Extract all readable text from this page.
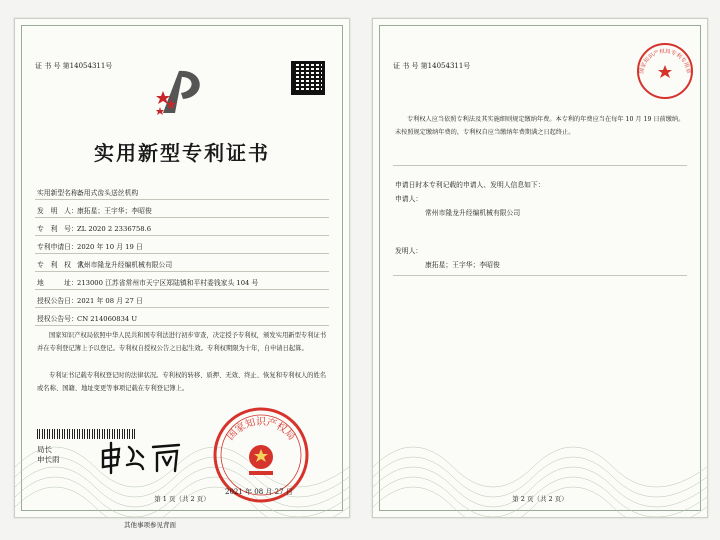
证 书 号 第14054311号
实用新型专利证书
实用新型名称：备用式齿头送丝机构
发　明　人：康拓星；王宇华；李昭俊
专　利　号：ZL 2020 2 2336758.6
专利申请日：2020 年 10 月 19 日
专　利　权　人：常州市隆龙升经编机械有限公司
地　　　址：213000 江苏省常州市天宁区郑陆镇和平村委钱家头 104 号
授权公告日：2021 年 08 月 27 日
授权公告号：CN 214060834 U
国家知识产权局依照中华人民共和国专利法进行初步审查，决定授予专利权，颁发实用新型专利证书并在专利登记簿上予以登记。专利权自授权公告之日起生效。专利权期限为十年，自申请日起算。
专利证书记载专利权登记时的法律状况。专利权的转移、质押、无效、终止、恢复和专利权人的姓名或名称、国籍、地址变更等事项记载在专利登记簿上。
局长
申长雨
国家知识产权局
2021 年 08 月 27 日
第 1 页（共 2 页）
其他事项参见背面
证 书 号 第14054311号
国家知识产权局专利专用章
专利权人应当依照专利法及其实施细则规定缴纳年费。本专利的年费应当在每年 10 月 19 日前缴纳。未按照规定缴纳年费的，专利权自应当缴纳年费期满之日起终止。
申请日时本专利记载的申请人、发明人信息如下：
申请人：
常州市隆龙升经编机械有限公司
发明人：
康拓星；王宇华；李昭俊
第 2 页（共 2 页）
